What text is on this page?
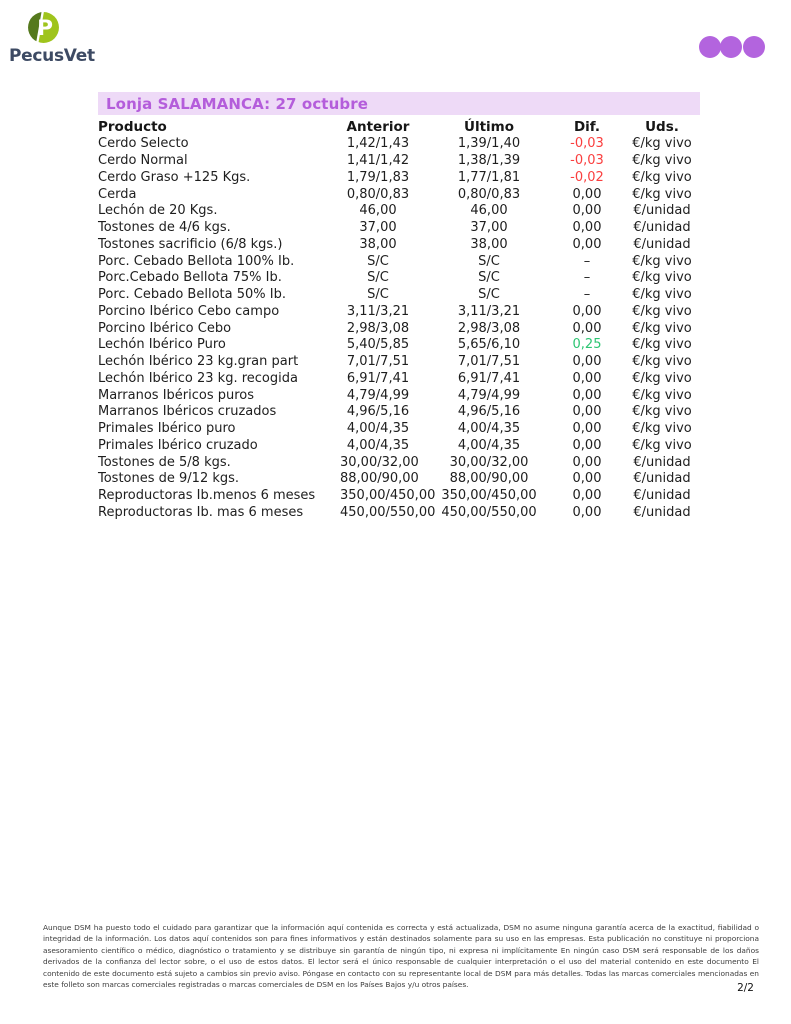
P
PecusVet
Lonja SALAMANCA: 27 octubre
Producto	Anterior	Último	Dif.	Uds.
Cerdo Selecto	1,42/1,43	1,39/1,40	-0,03	€/kg vivo
Cerdo Normal	1,41/1,42	1,38/1,39	-0,03	€/kg vivo
Cerdo Graso +125 Kgs.	1,79/1,83	1,77/1,81	-0,02	€/kg vivo
Cerda	0,80/0,83	0,80/0,83	0,00	€/kg vivo
Lechón de 20 Kgs.	46,00	46,00	0,00	€/unidad
Tostones de 4/6 kgs.	37,00	37,00	0,00	€/unidad
Tostones sacrificio (6/8 kgs.)	38,00	38,00	0,00	€/unidad
Porc. Cebado Bellota 100% Ib.	S/C	S/C	–	€/kg vivo
Porc.Cebado Bellota 75% Ib.	S/C	S/C	–	€/kg vivo
Porc. Cebado Bellota 50% Ib.	S/C	S/C	–	€/kg vivo
Porcino Ibérico Cebo campo	3,11/3,21	3,11/3,21	0,00	€/kg vivo
Porcino Ibérico Cebo	2,98/3,08	2,98/3,08	0,00	€/kg vivo
Lechón Ibérico Puro	5,40/5,85	5,65/6,10	0,25	€/kg vivo
Lechón Ibérico 23 kg.gran part	7,01/7,51	7,01/7,51	0,00	€/kg vivo
Lechón Ibérico 23 kg. recogida	6,91/7,41	6,91/7,41	0,00	€/kg vivo
Marranos Ibéricos puros	4,79/4,99	4,79/4,99	0,00	€/kg vivo
Marranos Ibéricos cruzados	4,96/5,16	4,96/5,16	0,00	€/kg vivo
Primales Ibérico puro	4,00/4,35	4,00/4,35	0,00	€/kg vivo
Primales Ibérico cruzado	4,00/4,35	4,00/4,35	0,00	€/kg vivo
Tostones de 5/8 kgs.	30,00/32,00	30,00/32,00	0,00	€/unidad
Tostones de 9/12 kgs.	88,00/90,00	88,00/90,00	0,00	€/unidad
Reproductoras Ib.menos 6 meses	350,00/450,00 350,00/450,00	0,00	€/unidad
Reproductoras Ib. mas 6 meses	450,00/550,00 450,00/550,00	0,00	€/unidad

Aunque DSM ha puesto todo el cuidado para garantizar que la información aquí contenida es correcta y está actualizada, DSM no asume ninguna garantía acerca de la exactitud, fiabilidad o integridad de la información. Los datos aquí contenidos son para fines informativos y están destinados solamente para su uso en las empresas. Esta publicación no constituye ni proporciona asesoramiento científico o médico, diagnóstico o tratamiento y se distribuye sin garantía de ningún tipo, ni expresa ni implícitamente En ningún caso DSM será responsable de los daños derivados de la confianza del lector sobre, o el uso de estos datos. El lector será el único responsable de cualquier interpretación o el uso del material contenido en este documento El contenido de este documento está sujeto a cambios sin previo aviso. Póngase en contacto con su representante local de DSM para más detalles. Todas las marcas comerciales mencionadas en este folleto son marcas comerciales registradas o marcas comerciales de DSM en los Países Bajos y/u otros países.	2/2
